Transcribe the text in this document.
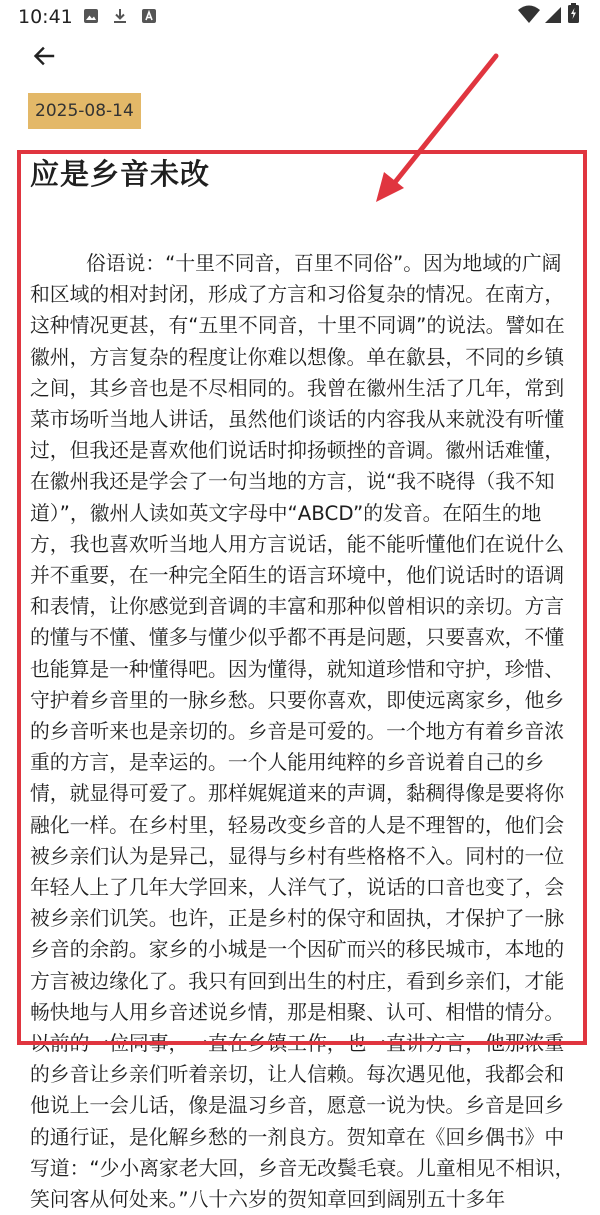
10:41
2025-08-14
应是乡音未改

俗语说：“十里不同音，百里不同俗”。因为地域的广阔和区域的相对封闭，形成了方言和习俗复杂的情况。在南方，这种情况更甚，有“五里不同音，十里不同调”的说法。譬如在徽州，方言复杂的程度让你难以想像。单在歙县，不同的乡镇之间，其乡音也是不尽相同的。我曾在徽州生活了几年，常到菜市场听当地人讲话，虽然他们谈话的内容我从来就没有听懂过，但我还是喜欢他们说话时抑扬顿挫的音调。徽州话难懂，在徽州我还是学会了一句当地的方言，说“我不晓得（我不知道）”，徽州人读如英文字母中“ABCD”的发音。在陌生的地方，我也喜欢听当地人用方言说话，能不能听懂他们在说什么并不重要，在一种完全陌生的语言环境中，他们说话时的语调和表情，让你感觉到音调的丰富和那种似曾相识的亲切。方言的懂与不懂、懂多与懂少似乎都不再是问题，只要喜欢，不懂也能算是一种懂得吧。因为懂得，就知道珍惜和守护，珍惜、守护着乡音里的一脉乡愁。只要你喜欢，即使远离家乡，他乡的乡音听来也是亲切的。乡音是可爱的。一个地方有着乡音浓重的方言，是幸运的。一个人能用纯粹的乡音说着自己的乡情，就显得可爱了。那样娓娓道来的声调，黏稠得像是要将你融化一样。在乡村里，轻易改变乡音的人是不理智的，他们会被乡亲们认为是异己，显得与乡村有些格格不入。同村的一位年轻人上了几年大学回来，人洋气了，说话的口音也变了，会被乡亲们讥笑。也许，正是乡村的保守和固执，才保护了一脉乡音的余韵。家乡的小城是一个因矿而兴的移民城市，本地的方言被边缘化了。我只有回到出生的村庄，看到乡亲们，才能畅快地与人用乡音述说乡情，那是相聚、认可、相惜的情分。以前的一位同事，一直在乡镇工作，也一直讲方言，他那浓重的乡音让乡亲们听着亲切，让人信赖。每次遇见他，我都会和他说上一会儿话，像是温习乡音，愿意一说为快。乡音是回乡的通行证，是化解乡愁的一剂良方。贺知章在《回乡偶书》中写道：“少小离家老大回，乡音无改鬓毛衰。儿童相见不相识，笑问客从何处来。”八十六岁的贺知章回到阔别五十多年
